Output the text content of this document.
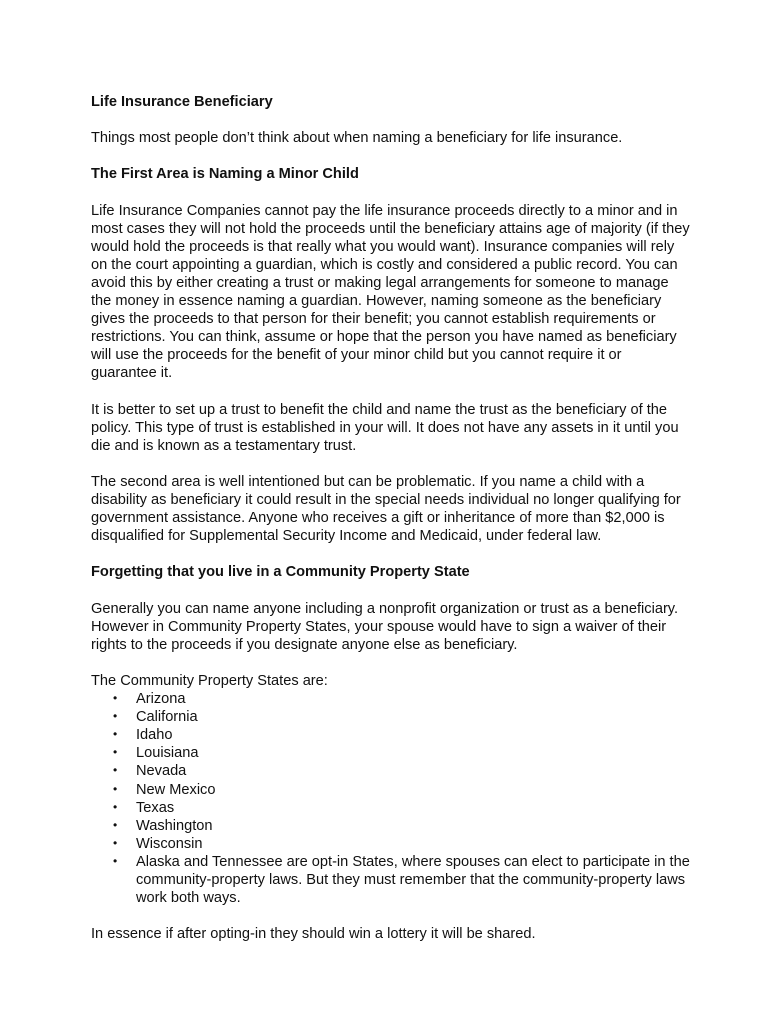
Life Insurance Beneficiary

Things most people don’t think about when naming a beneficiary for life insurance.

The First Area is Naming a Minor Child

Life Insurance Companies cannot pay the life insurance proceeds directly to a minor and in most cases they will not hold the proceeds until the beneficiary attains age of majority (if they would hold the proceeds is that really what you would want). Insurance companies will rely on the court appointing a guardian, which is costly and considered a public record. You can avoid this by either creating a trust or making legal arrangements for someone to manage the money in essence naming a guardian. However, naming someone as the beneficiary gives the proceeds to that person for their benefit; you cannot establish requirements or restrictions. You can think, assume or hope that the person you have named as beneficiary will use the proceeds for the benefit of your minor child but you cannot require it or guarantee it.

It is better to set up a trust to benefit the child and name the trust as the beneficiary of the policy. This type of trust is established in your will. It does not have any assets in it until you die and is known as a testamentary trust.

The second area is well intentioned but can be problematic. If you name a child with a disability as beneficiary it could result in the special needs individual no longer qualifying for government assistance. Anyone who receives a gift or inheritance of more than $2,000 is disqualified for Supplemental Security Income and Medicaid, under federal law.

Forgetting that you live in a Community Property State

Generally you can name anyone including a nonprofit organization or trust as a beneficiary. However in Community Property States, your spouse would have to sign a waiver of their rights to the proceeds if you designate anyone else as beneficiary.

The Community Property States are:

• Arizona
• California
• Idaho
• Louisiana
• Nevada
• New Mexico
• Texas
• Washington
• Wisconsin
• Alaska and Tennessee are opt-in States, where spouses can elect to participate in the community-property laws. But they must remember that the community-property laws work both ways.

In essence if after opting-in they should win a lottery it will be shared.
